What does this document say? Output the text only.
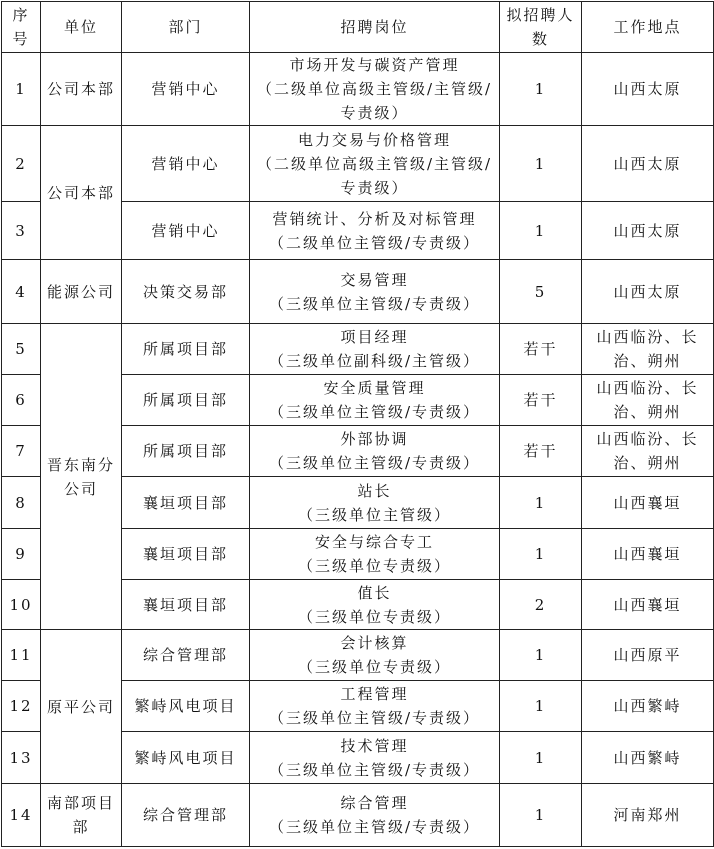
序号	单位	部门	招聘岗位	拟招聘人数	工作地点
1	公司本部	营销中心	市场开发与碳资产管理
（二级单位高级主管级/主管级/专责级）	1	山西太原
2	公司本部	营销中心	电力交易与价格管理
（二级单位高级主管级/主管级/专责级）	1	山西太原
3		营销中心	营销统计、分析及对标管理
（二级单位主管级/专责级）	1	山西太原
4	能源公司	决策交易部	交易管理
（三级单位主管级/专责级）	5	山西太原
5	晋东南分公司	所属项目部	项目经理
（三级单位副科级/主管级）	若干	山西临汾、长治、朔州
6		所属项目部	安全质量管理
（三级单位主管级/专责级）	若干	山西临汾、长治、朔州
7		所属项目部	外部协调
（三级单位主管级/专责级）	若干	山西临汾、长治、朔州
8		襄垣项目部	站长
（三级单位主管级）	1	山西襄垣
9		襄垣项目部	安全与综合专工
（三级单位专责级）	1	山西襄垣
10		襄垣项目部	值长
（三级单位专责级）	2	山西襄垣
11	原平公司	综合管理部	会计核算
（三级单位专责级）	1	山西原平
12		繁峙风电项目	工程管理
（三级单位主管级/专责级）	1	山西繁峙
13		繁峙风电项目	技术管理
（三级单位主管级/专责级）	1	山西繁峙
14	南部项目部	综合管理部	综合管理
（三级单位主管级/专责级）	1	河南郑州
